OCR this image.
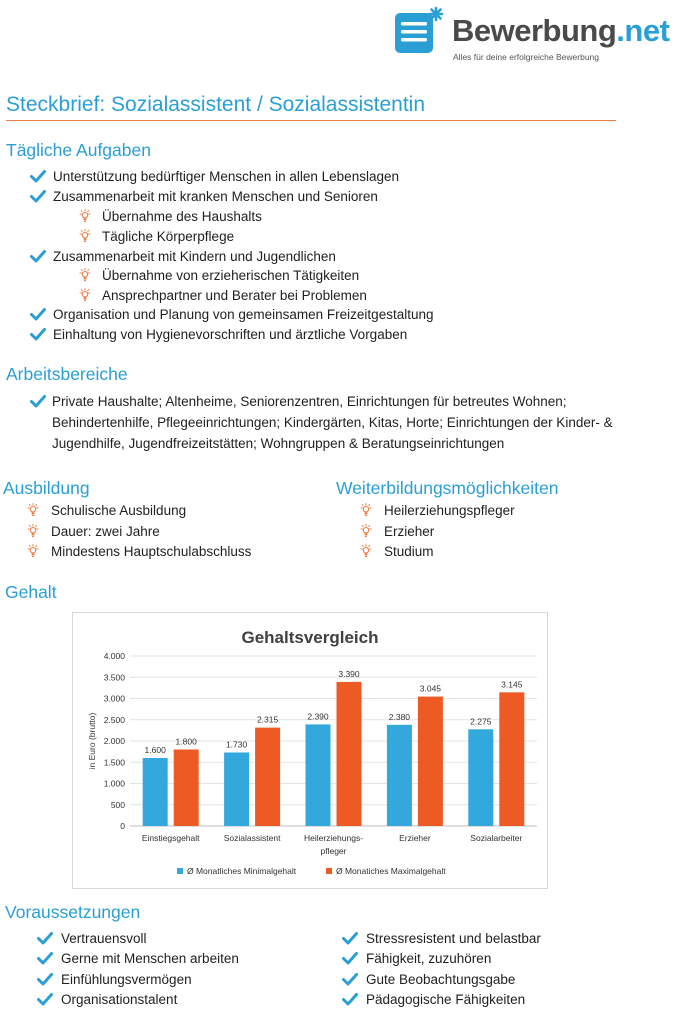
Bewerbung.net
Alles für deine erfolgreiche Bewerbung
Steckbrief: Sozialassistent / Sozialassistentin
Tägliche Aufgaben
Unterstützung bedürftiger Menschen in allen Lebenslagen
Zusammenarbeit mit kranken Menschen und Senioren
Übernahme des Haushalts
Tägliche Körperpflege
Zusammenarbeit mit Kindern und Jugendlichen
Übernahme von erzieherischen Tätigkeiten
Ansprechpartner und Berater bei Problemen
Organisation und Planung von gemeinsamen Freizeitgestaltung
Einhaltung von Hygienevorschriften und ärztliche Vorgaben
Arbeitsbereiche
Private Haushalte; Altenheime, Seniorenzentren, Einrichtungen für betreutes Wohnen; Behindertenhilfe, Pflegeeinrichtungen; Kindergärten, Kitas, Horte; Einrichtungen der Kinder- & Jugendhilfe, Jugendfreizeitstätten; Wohngruppen & Beratungseinrichtungen
Ausbildung	Weiterbildungsmöglichkeiten
Schulische Ausbildung
Dauer: zwei Jahre
Mindestens Hauptschulabschluss
Heilerziehungspfleger
Erzieher
Studium
Gehalt
Gehaltsvergleich
0
500
1.000
1.500
2.000
2.500
3.000
3.500
4.000
in Euro (brutto)	1.600
1.800
Einstiegsgehalt
1.730
2.315
Sozialassistent
2.390
3.390
Heilerziehungs-
pfleger
2.380
3.045
Erzieher
2.275
3.145
Sozialarbeiter
Ø Monatliches Minimalgehalt	Ø Monatiches Maximalgehalt
Voraussetzungen
Vertrauensvoll
Gerne mit Menschen arbeiten
Einfühlungsvermögen
Organisationstalent
Stressresistent und belastbar
Fähigkeit, zuzuhören
Gute Beobachtungsgabe
Pädagogische Fähigkeiten
